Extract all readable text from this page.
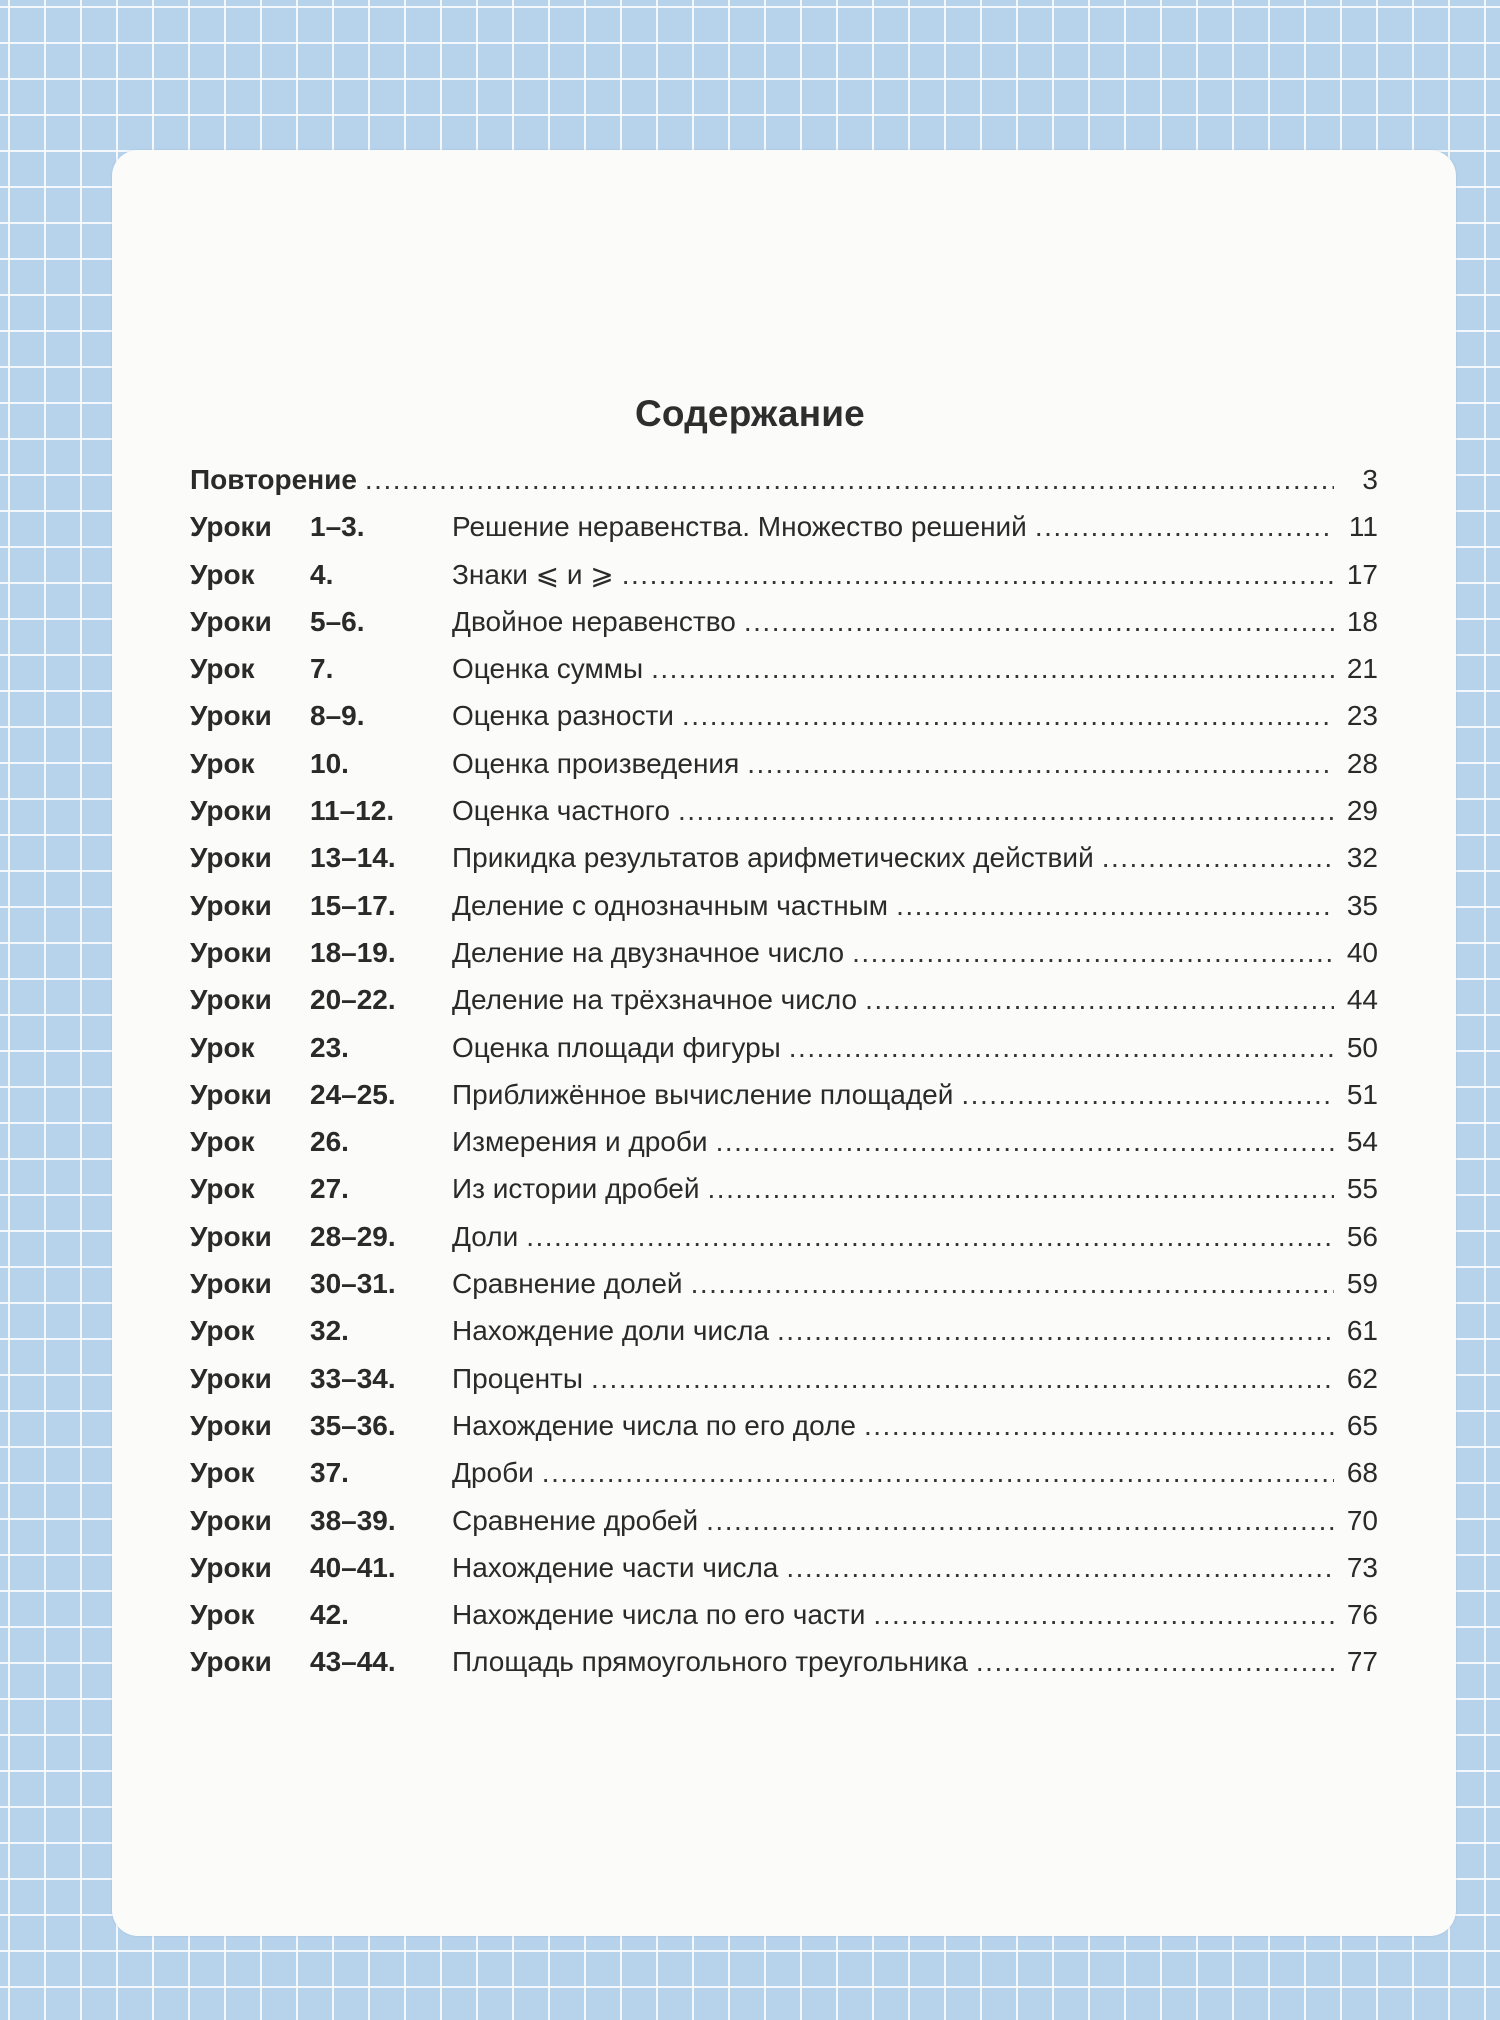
Содержание
Повторение .....	3
Уроки	1–3.	Решение неравенства. Множество решений .....	11
Урок	4.	Знаки ⩽ и ⩾ .....	17
Уроки	5–6.	Двойное неравенство .....	18
Урок	7.	Оценка суммы .....	21
Уроки	8–9.	Оценка разности .....	23
Урок	10.	Оценка произведения .....	28
Уроки	11–12.	Оценка частного .....	29
Уроки	13–14.	Прикидка результатов арифметических действий .....	32
Уроки	15–17.	Деление с однозначным частным .....	35
Уроки	18–19.	Деление на двузначное число .....	40
Уроки	20–22.	Деление на трёхзначное число .....	44
Урок	23.	Оценка площади фигуры .....	50
Уроки	24–25.	Приближённое вычисление площадей .....	51
Урок	26.	Измерения и дроби .....	54
Урок	27.	Из истории дробей .....	55
Уроки	28–29.	Доли .....	56
Уроки	30–31.	Сравнение долей .....	59
Урок	32.	Нахождение доли числа .....	61
Уроки	33–34.	Проценты .....	62
Уроки	35–36.	Нахождение числа по его доле .....	65
Урок	37.	Дроби .....	68
Уроки	38–39.	Сравнение дробей .....	70
Уроки	40–41.	Нахождение части числа .....	73
Урок	42.	Нахождение числа по его части .....	76
Уроки	43–44.	Площадь прямоугольного треугольника .....	77
